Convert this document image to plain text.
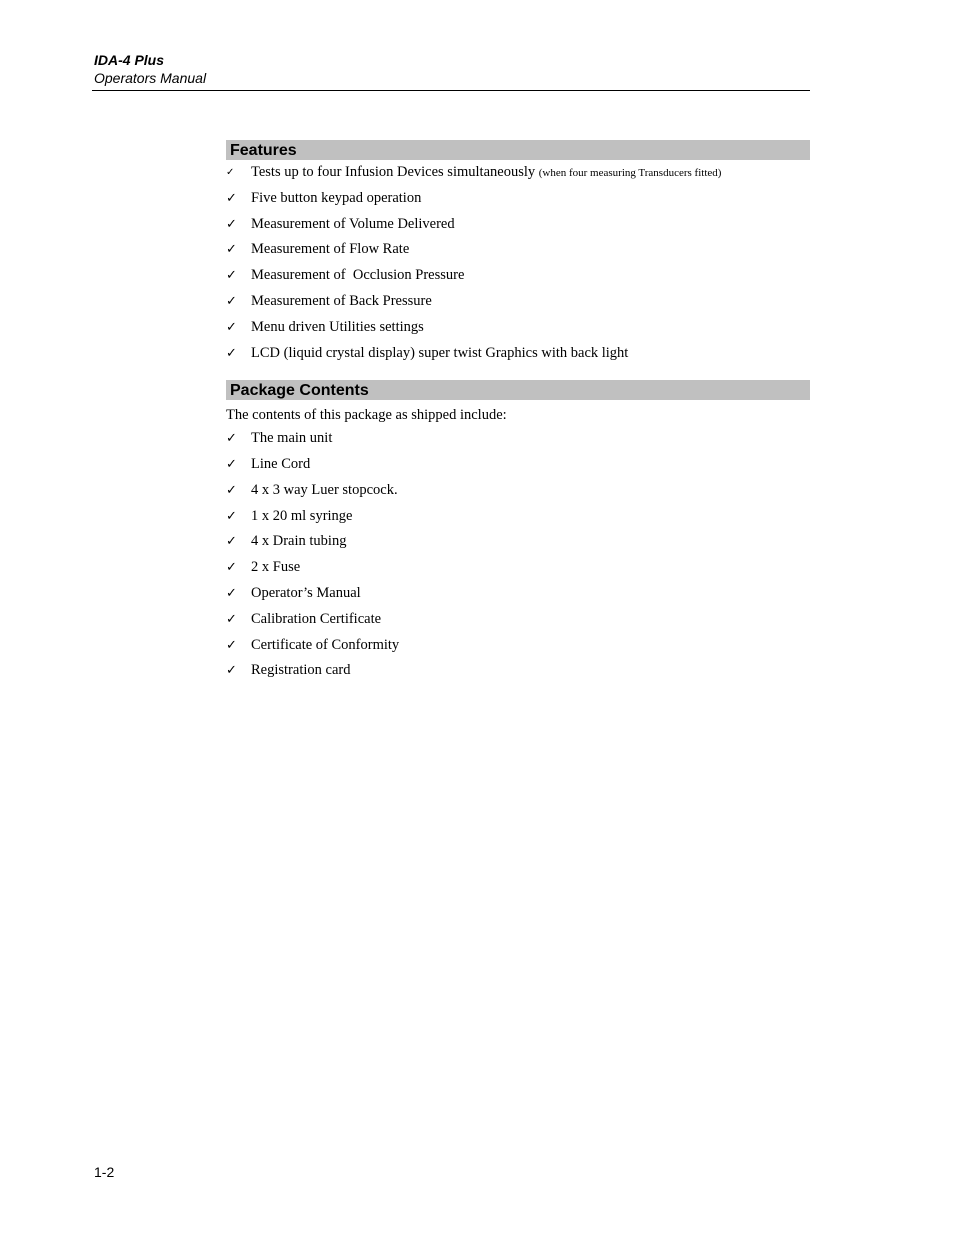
IDA-4 Plus
Operators Manual
Features
✓	Tests up to four Infusion Devices simultaneously (when four measuring Transducers fitted)
✓ Five button keypad operation
✓ Measurement of Volume Delivered
✓ Measurement of Flow Rate
✓ Measurement of  Occlusion Pressure
✓ Measurement of Back Pressure
✓ Menu driven Utilities settings
✓ LCD (liquid crystal display) super twist Graphics with back light
Package Contents

The contents of this package as shipped include:

✓ The main unit
✓ Line Cord
✓ 4 x 3 way Luer stopcock.
✓ 1 x 20 ml syringe
✓ 4 x Drain tubing
✓ 2 x Fuse
✓ Operator’s Manual
✓ Calibration Certificate
✓ Certificate of Conformity
✓ Registration card
1-2
